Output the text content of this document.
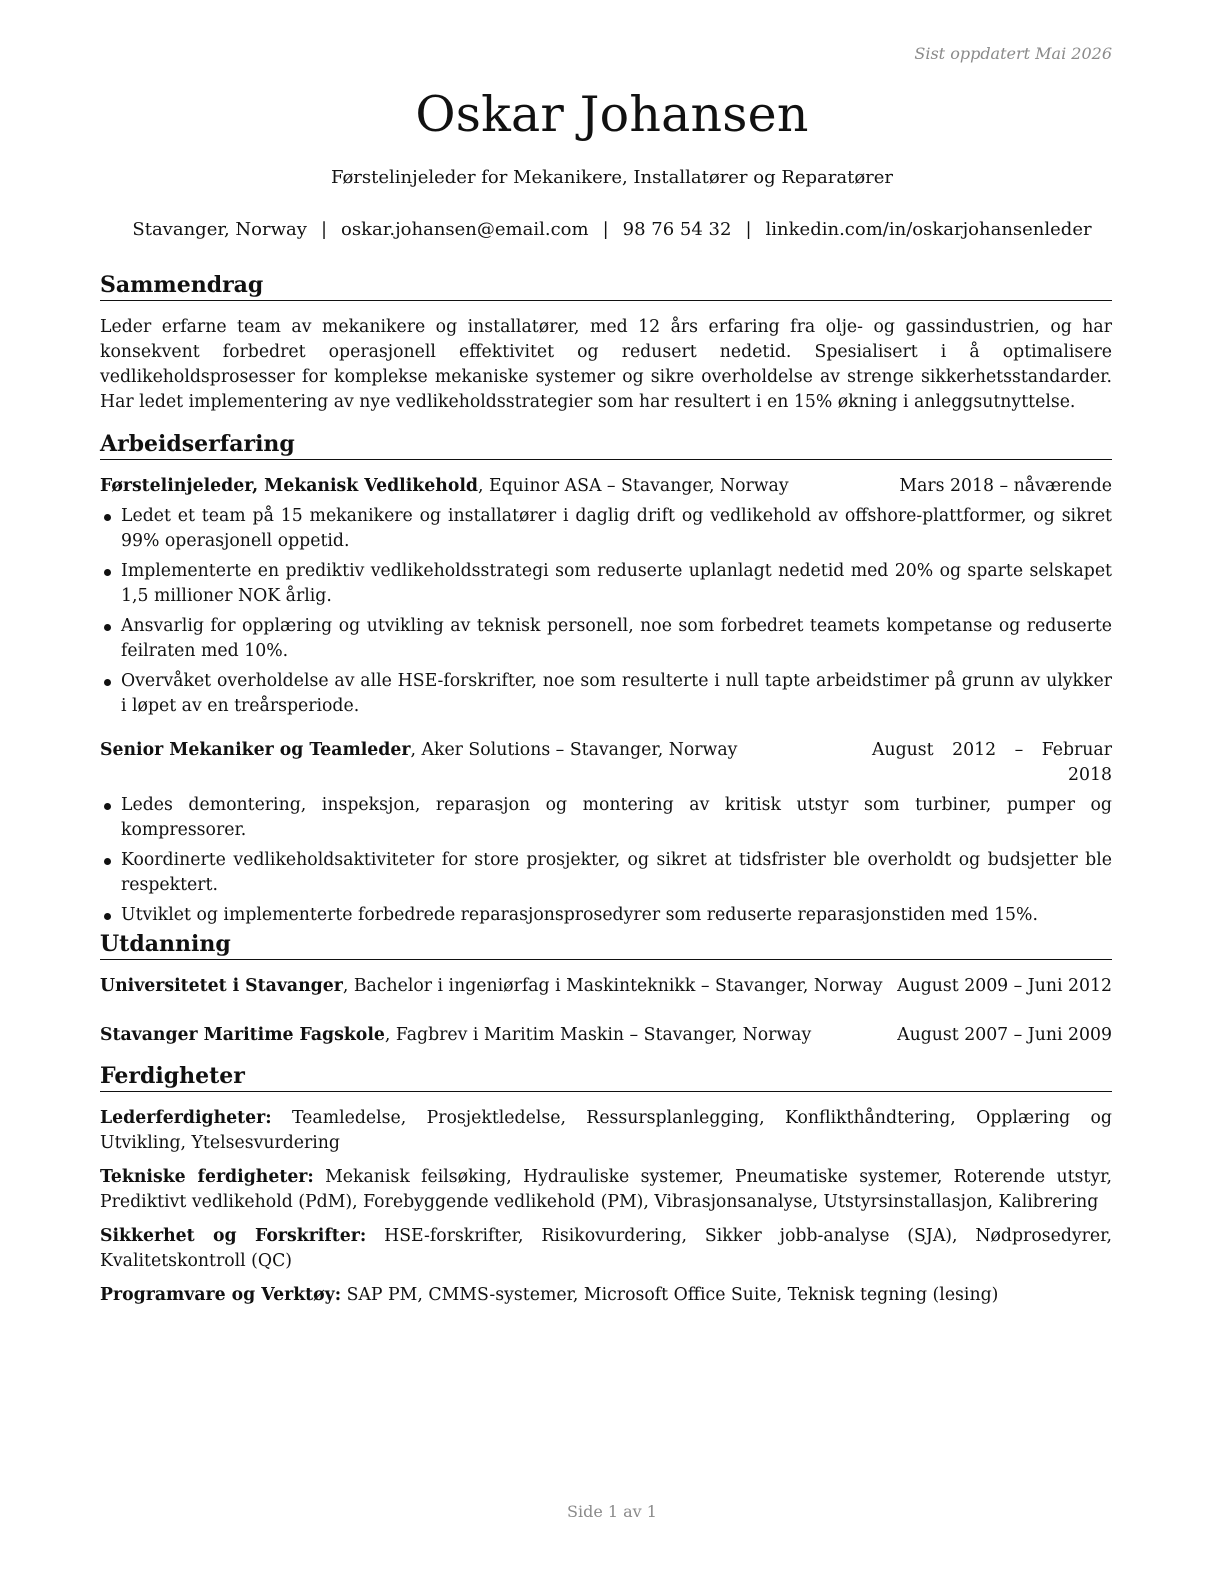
Sist oppdatert Mai 2026
Oskar Johansen
Førstelinjeleder for Mekanikere, Installatører og Reparatører
Stavanger, Norway | oskar.johansen@email.com | 98 76 54 32 | linkedin.com/in/oskarjohansenleder
Sammendrag

Leder erfarne team av mekanikere og installatører, med 12 års erfaring fra olje- og gassindustrien, og har konsekvent forbedret operasjonell effektivitet og redusert nedetid. Spesialisert i å optimalisere vedlikeholdsprosesser for komplekse mekaniske systemer og sikre overholdelse av strenge sikkerhetsstandarder. Har ledet implementering av nye vedlikeholdsstrategier som har resultert i en 15% økning i anleggsutnyttelse.

Arbeidserfaring
Førstelinjeleder, Mekanisk Vedlikehold, Equinor ASA – Stavanger, Norway	Mars 2018 – nåværende
Ledet et team på 15 mekanikere og installatører i daglig drift og vedlikehold av offshore-plattformer, og sikret 99% operasjonell oppetid.
Implementerte en prediktiv vedlikeholdsstrategi som reduserte uplanlagt nedetid med 20% og sparte selskapet 1,5 millioner NOK årlig.
Ansvarlig for opplæring og utvikling av teknisk personell, noe som forbedret teamets kompetanse og reduserte feilraten med 10%.
Overvåket overholdelse av alle HSE-forskrifter, noe som resulterte i null tapte arbeidstimer på grunn av ulykker i løpet av en treårsperiode.
Senior Mekaniker og Teamleder, Aker Solutions – Stavanger, Norway	August 2012 – Februar 2018
Ledes demontering, inspeksjon, reparasjon og montering av kritisk utstyr som turbiner, pumper og kompressorer.
Koordinerte vedlikeholdsaktiviteter for store prosjekter, og sikret at tidsfrister ble overholdt og budsjetter ble respektert.
Utviklet og implementerte forbedrede reparasjonsprosedyrer som reduserte reparasjonstiden med 15%.
Utdanning
Universitetet i Stavanger, Bachelor i ingeniørfag i Maskinteknikk – Stavanger, Norway August 2009 – Juni 2012
Stavanger Maritime Fagskole, Fagbrev i Maritim Maskin – Stavanger, Norway	August 2007 – Juni 2009
Ferdigheter
Lederferdigheter: Teamledelse, Prosjektledelse, Ressursplanlegging, Konflikthåndtering, Opplæring og Utvikling, Ytelsesvurdering
Tekniske ferdigheter: Mekanisk feilsøking, Hydrauliske systemer, Pneumatiske systemer, Roterende utstyr, Prediktivt vedlikehold (PdM), Forebyggende vedlikehold (PM), Vibrasjonsanalyse, Utstyrsinstallasjon, Kalibrering
Sikkerhet og Forskrifter: HSE-forskrifter, Risikovurdering, Sikker jobb-analyse (SJA), Nødprosedyrer, Kvalitetskontroll (QC)
Programvare og Verktøy: SAP PM, CMMS-systemer, Microsoft Office Suite, Teknisk tegning (lesing)
Side 1 av 1
